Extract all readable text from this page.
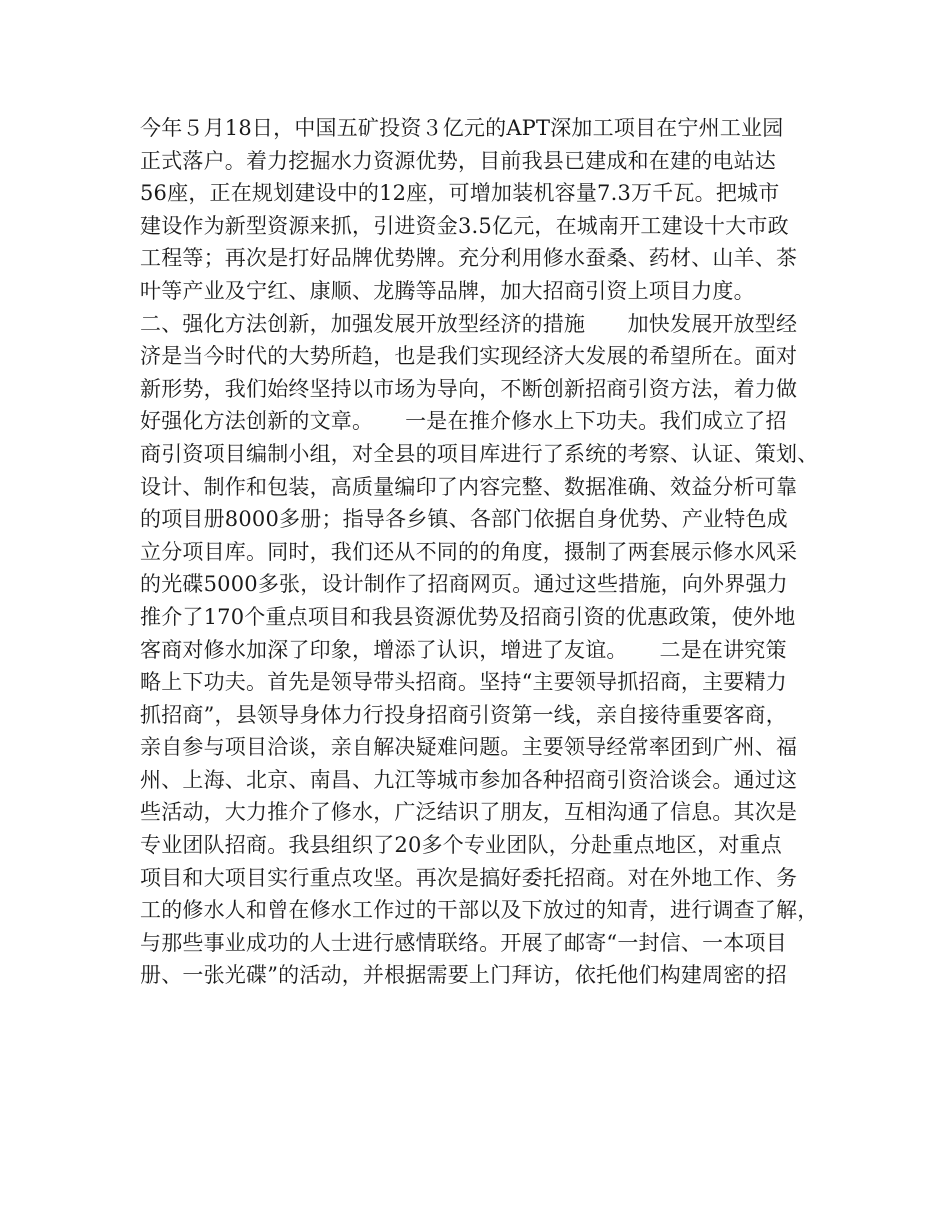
今年５月18日，中国五矿投资３亿元的APT深加工项目在宁州工业园
正式落户。着力挖掘水力资源优势，目前我县已建成和在建的电站达
56座，正在规划建设中的12座，可增加装机容量7.3万千瓦。把城市
建设作为新型资源来抓，引进资金3.5亿元，在城南开工建设十大市政
工程等；再次是打好品牌优势牌。充分利用修水蚕桑、药材、山羊、茶
叶等产业及宁红、康顺、龙腾等品牌，加大招商引资上项目力度。
二、强化方法创新，加强发展开放型经济的措施　　加快发展开放型经
济是当今时代的大势所趋，也是我们实现经济大发展的希望所在。面对
新形势，我们始终坚持以市场为导向，不断创新招商引资方法，着力做
好强化方法创新的文章。　　一是在推介修水上下功夫。我们成立了招
商引资项目编制小组，对全县的项目库进行了系统的考察、认证、策划、
设计、制作和包装，高质量编印了内容完整、数据准确、效益分析可靠
的项目册8000多册；指导各乡镇、各部门依据自身优势、产业特色成
立分项目库。同时，我们还从不同的的角度，摄制了两套展示修水风采
的光碟5000多张，设计制作了招商网页。通过这些措施，向外界强力
推介了170个重点项目和我县资源优势及招商引资的优惠政策，使外地
客商对修水加深了印象，增添了认识，增进了友谊。　　二是在讲究策
略上下功夫。首先是领导带头招商。坚持“主要领导抓招商，主要精力
抓招商”，县领导身体力行投身招商引资第一线，亲自接待重要客商，
亲自参与项目洽谈，亲自解决疑难问题。主要领导经常率团到广州、福
州、上海、北京、南昌、九江等城市参加各种招商引资洽谈会。通过这
些活动，大力推介了修水，广泛结识了朋友，互相沟通了信息。其次是
专业团队招商。我县组织了20多个专业团队，分赴重点地区，对重点
项目和大项目实行重点攻坚。再次是搞好委托招商。对在外地工作、务
工的修水人和曾在修水工作过的干部以及下放过的知青，进行调查了解，
与那些事业成功的人士进行感情联络。开展了邮寄“一封信、一本项目
册、一张光碟”的活动，并根据需要上门拜访，依托他们构建周密的招
